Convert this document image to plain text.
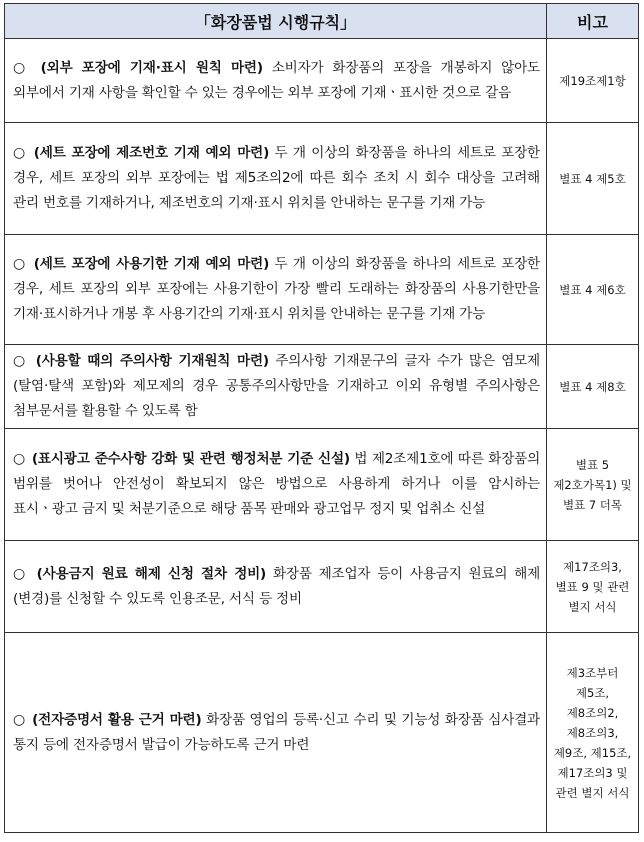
「화장품법 시행규칙」	비고

○ (외부 포장에 기재·표시 원칙 마련) 소비자가 화장품의 포장을 개봉하지 않아도 외부에서 기재 사항을 확인할 수 있는 경우에는 외부 포장에 기재ㆍ표시한 것으로 갈음	제19조제1항

○ (세트 포장에 제조번호 기재 예외 마련) 두 개 이상의 화장품을 하나의 세트로 포장한 경우, 세트 포장의 외부 포장에는 법 제5조의2에 따른 회수 조치 시 회수 대상을 고려해 관리 번호를 기재하거나, 제조번호의 기재·표시 위치를 안내하는 문구를 기재 가능	별표 4 제5호

○ (세트 포장에 사용기한 기재 예외 마련) 두 개 이상의 화장품을 하나의 세트로 포장한 경우, 세트 포장의 외부 포장에는 사용기한이 가장 빨리 도래하는 화장품의 사용기한만을 기재·표시하거나 개봉 후 사용기간의 기재·표시 위치를 안내하는 문구를 기재 가능	별표 4 제6호

○ (사용할 때의 주의사항 기재원칙 마련) 주의사항 기재문구의 글자 수가 많은 염모제(탈염·탈색 포함)와 제모제의 경우 공통주의사항만을 기재하고 이외 유형별 주의사항은 첨부문서를 활용할 수 있도록 함	별표 4 제8호

○ (표시광고 준수사항 강화 및 관련 행정처분 기준 신설) 법 제2조제1호에 따른 화장품의 범위를 벗어나 안전성이 확보되지 않은 방법으로 사용하게 하거나 이를 암시하는 표시ㆍ광고 금지 및 처분기준으로 해당 품목 판매와 광고업무 정지 및 업취소 신설	별표 5 제2호가목1) 및 별표 7 더목

○ (사용금지 원료 해제 신청 절차 정비) 화장품 제조업자 등이 사용금지 원료의 해제(변경)를 신청할 수 있도록 인용조문, 서식 등 정비	제17조의3, 별표 9 및 관련 별지 서식

○ (전자증명서 활용 근거 마련) 화장품 영업의 등록·신고 수리 및 기능성 화장품 심사결과 통지 등에 전자증명서 발급이 가능하도록 근거 마련	제3조부터 제5조, 제8조의2, 제8조의3, 제9조, 제15조, 제17조의3 및 관련 별지 서식
